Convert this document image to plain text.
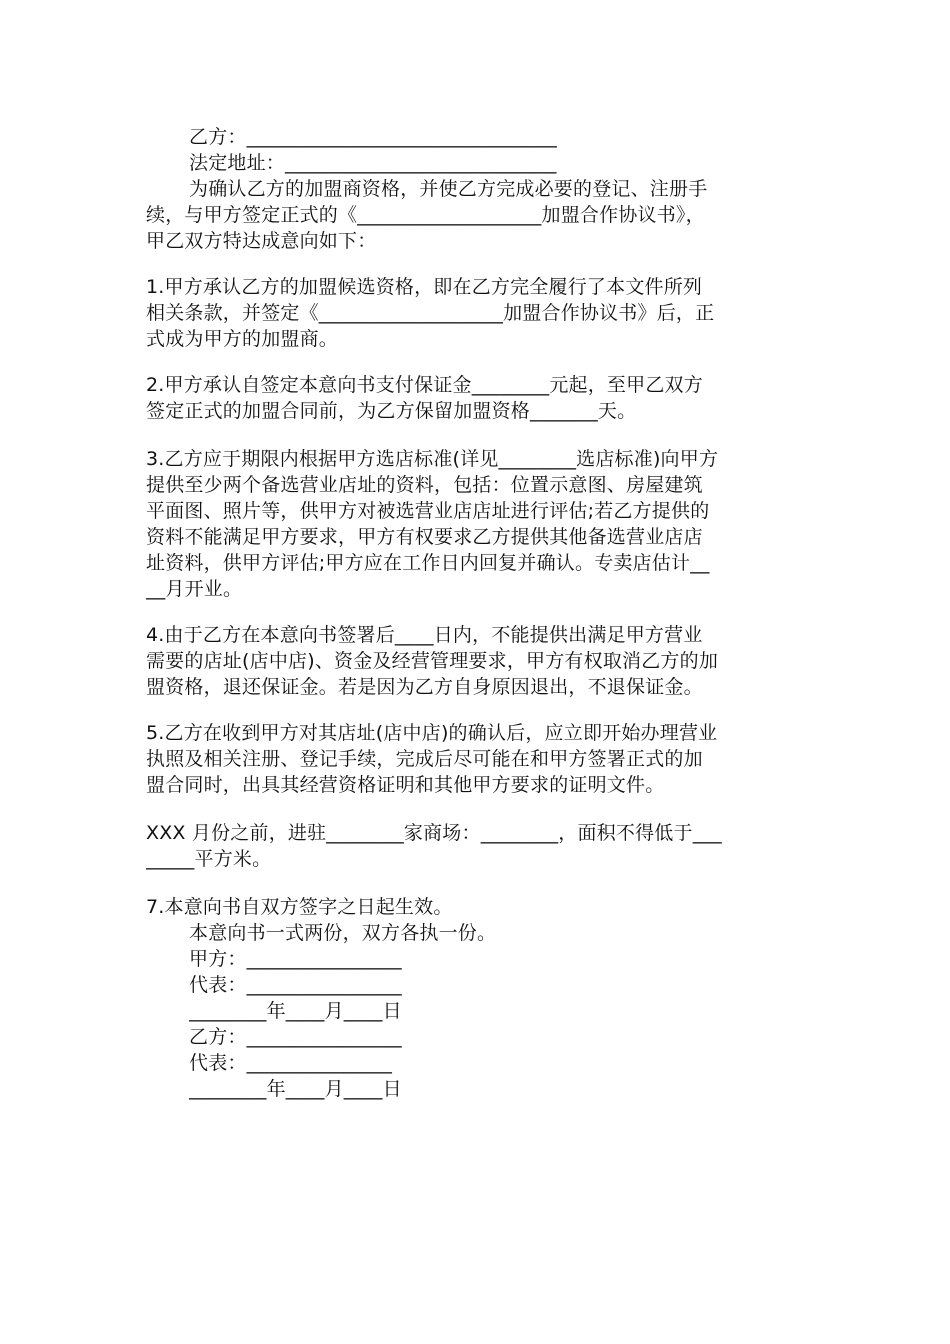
乙方：________________________________
法定地址：____________________________
为确认乙方的加盟商资格，并使乙方完成必要的登记、注册手
续，与甲方签定正式的《___________________加盟合作协议书》，
甲乙双方特达成意向如下：
1.甲方承认乙方的加盟候选资格，即在乙方完全履行了本文件所列
相关条款，并签定《___________________加盟合作协议书》后，正
式成为甲方的加盟商。
2.甲方承认自签定本意向书支付保证金________元起，至甲乙双方
签定正式的加盟合同前，为乙方保留加盟资格_______天。
3.乙方应于期限内根据甲方选店标准(详见________选店标准)向甲方
提供至少两个备选营业店址的资料，包括：位置示意图、房屋建筑
平面图、照片等，供甲方对被选营业店店址进行评估;若乙方提供的
资料不能满足甲方要求，甲方有权要求乙方提供其他备选营业店店
址资料，供甲方评估;甲方应在工作日内回复并确认。专卖店估计__
__月开业。
4.由于乙方在本意向书签署后____日内，不能提供出满足甲方营业
需要的店址(店中店)、资金及经营管理要求，甲方有权取消乙方的加
盟资格，退还保证金。若是因为乙方自身原因退出，不退保证金。
5.乙方在收到甲方对其店址(店中店)的确认后，应立即开始办理营业
执照及相关注册、登记手续，完成后尽可能在和甲方签署正式的加
盟合同时，出具其经营资格证明和其他甲方要求的证明文件。
XXX 月份之前，进驻________家商场：________，面积不得低于___
_____平方米。
7.本意向书自双方签字之日起生效。
本意向书一式两份，双方各执一份。
甲方：________________
代表：________________
________年____月____日
乙方：________________
代表：_______________
________年____月____日
